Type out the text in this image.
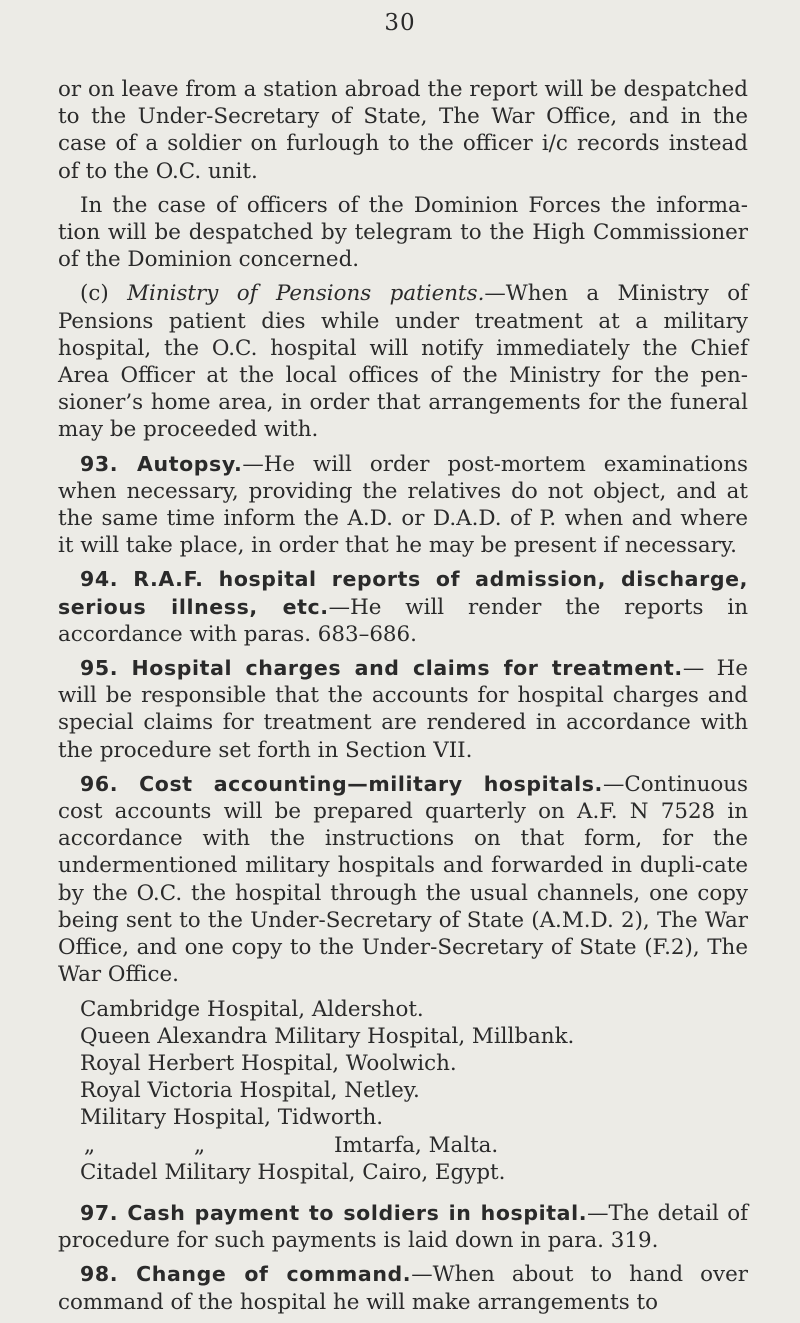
30

or on leave from a station abroad the report will be despatched to the Under-Secretary of State, The War Office, and in the case of a soldier on furlough to the officer i/c records instead of to the O.C. unit.

In the case of officers of the Dominion Forces the informa-tion will be despatched by telegram to the High Commissioner of the Dominion concerned.

(c) Ministry of Pensions patients.—When a Ministry of Pensions patient dies while under treatment at a military hospital, the O.C. hospital will notify immediately the Chief Area Officer at the local offices of the Ministry for the pen-sioner’s home area, in order that arrangements for the funeral may be proceeded with.

93. Autopsy.—He will order post-mortem examinations when necessary, providing the relatives do not object, and at the same time inform the A.D. or D.A.D. of P. when and where it will take place, in order that he may be present if necessary.

94. R.A.F. hospital reports of admission, discharge, serious illness, etc.—He will render the reports in accordance with paras. 683–686.

95. Hospital charges and claims for treatment.— He will be responsible that the accounts for hospital charges and special claims for treatment are rendered in accordance with the procedure set forth in Section VII.

96. Cost accounting—military hospitals.—Continuous cost accounts will be prepared quarterly on A.F. N 7528 in accordance with the instructions on that form, for the undermentioned military hospitals and forwarded in dupli-cate by the O.C. the hospital through the usual channels, one copy being sent to the Under-Secretary of State (A.M.D. 2), The War Office, and one copy to the Under-Secretary of State (F.2), The War Office.

Cambridge Hospital, Aldershot.
Queen Alexandra Military Hospital, Millbank.
Royal Herbert Hospital, Woolwich.
Royal Victoria Hospital, Netley.
Military Hospital, Tidworth.
„	„	Imtarfa, Malta.
Citadel Military Hospital, Cairo, Egypt.

97. Cash payment to soldiers in hospital.—The detail of procedure for such payments is laid down in para. 319.

98. Change of command.—When about to hand over command of the hospital he will make arrangements to
